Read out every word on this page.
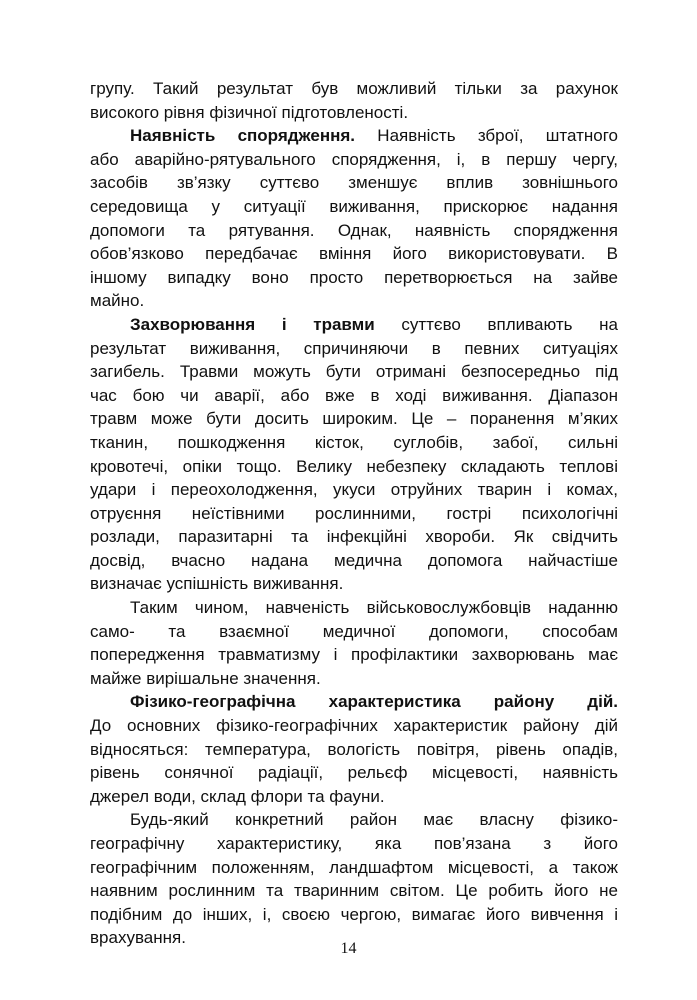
групу. Такий результат був можливий тільки за рахунок
високого рівня фізичної підготовленості.
Наявність спорядження. Наявність зброї, штатного
або аварійно-рятувального спорядження, і, в першу чергу,
засобів зв’язку суттєво зменшує вплив зовнішнього
середовища у ситуації виживання, прискорює надання
допомоги та рятування. Однак, наявність спорядження
обов’язково передбачає вміння його використовувати. В
іншому випадку воно просто перетворюється на зайве
майно.
Захворювання і травми суттєво впливають на
результат виживання, спричиняючи в певних ситуаціях
загибель. Травми можуть бути отримані безпосередньо під
час бою чи аварії, або вже в ході виживання. Діапазон
травм може бути досить широким. Це – поранення м’яких
тканин, пошкодження кісток, суглобів, забої, сильні
кровотечі, опіки тощо. Велику небезпеку складають теплові
удари і переохолодження, укуси отруйних тварин і комах,
отруєння неїстівними рослинними, гострі психологічні
розлади, паразитарні та інфекційні хвороби. Як свідчить
досвід, вчасно надана медична допомога найчастіше
визначає успішність виживання.
Таким чином, навченість військовослужбовців наданню
само- та взаємної медичної допомоги, способам
попередження травматизму і профілактики захворювань має
майже вирішальне значення.
Фізико-географічна характеристика району дій.
До основних фізико-географічних характеристик району дій
відносяться: температура, вологість повітря, рівень опадів,
рівень сонячної радіації, рельєф місцевості, наявність
джерел води, склад флори та фауни.
Будь-який конкретний район має власну фізико-
географічну характеристику, яка пов’язана з його
географічним положенням, ландшафтом місцевості, а також
наявним рослинним та тваринним світом. Це робить його не
подібним до інших, і, своєю чергою, вимагає його вивчення і
врахування.
14
